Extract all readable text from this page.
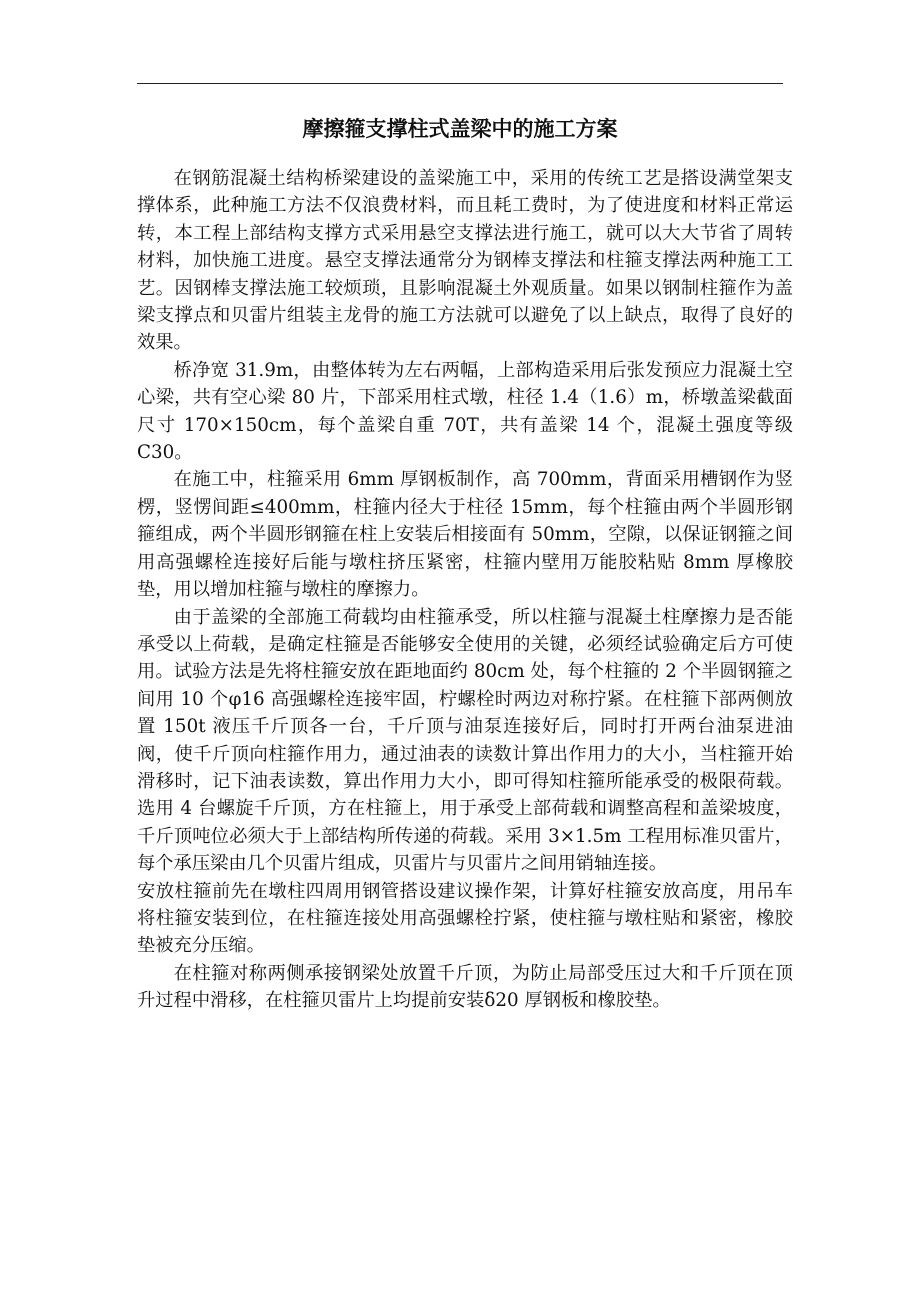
摩擦箍支撑柱式盖梁中的施工方案

在钢筋混凝土结构桥梁建设的盖梁施工中，采用的传统工艺是搭设满堂架支撑体系，此种施工方法不仅浪费材料，而且耗工费时，为了使进度和材料正常运转，本工程上部结构支撑方式采用悬空支撑法进行施工，就可以大大节省了周转材料，加快施工进度。悬空支撑法通常分为钢棒支撑法和柱箍支撑法两种施工工艺。因钢棒支撑法施工较烦琐，且影响混凝土外观质量。如果以钢制柱箍作为盖梁支撑点和贝雷片组装主龙骨的施工方法就可以避免了以上缺点，取得了良好的效果。

桥净宽 31.9m，由整体转为左右两幅，上部构造采用后张发预应力混凝土空心梁，共有空心梁 80 片，下部采用柱式墩，柱径 1.4（1.6）m，桥墩盖梁截面尺寸 170×150cm，每个盖梁自重 70T，共有盖梁 14 个，混凝土强度等级 C30。

在施工中，柱箍采用 6mm 厚钢板制作，高 700mm，背面采用槽钢作为竖楞，竖愣间距≤400mm，柱箍内径大于柱径 15mm，每个柱箍由两个半圆形钢箍组成，两个半圆形钢箍在柱上安装后相接面有 50mm，空隙，以保证钢箍之间用高强螺栓连接好后能与墩柱挤压紧密，柱箍内壁用万能胶粘贴 8mm 厚橡胶垫，用以增加柱箍与墩柱的摩擦力。

由于盖梁的全部施工荷载均由柱箍承受，所以柱箍与混凝土柱摩擦力是否能承受以上荷载，是确定柱箍是否能够安全使用的关键，必须经试验确定后方可使用。试验方法是先将柱箍安放在距地面约 80cm 处，每个柱箍的 2 个半圆钢箍之间用 10 个φ16 高强螺栓连接牢固，柠螺栓时两边对称拧紧。在柱箍下部两侧放置 150t 液压千斤顶各一台，千斤顶与油泵连接好后，同时打开两台油泵进油阀，使千斤顶向柱箍作用力，通过油表的读数计算出作用力的大小，当柱箍开始滑移时，记下油表读数，算出作用力大小，即可得知柱箍所能承受的极限荷载。选用 4 台螺旋千斤顶，方在柱箍上，用于承受上部荷载和调整高程和盖梁坡度，千斤顶吨位必须大于上部结构所传递的荷载。采用 3×1.5m 工程用标准贝雷片，每个承压梁由几个贝雷片组成，贝雷片与贝雷片之间用销轴连接。

安放柱箍前先在墩柱四周用钢管搭设建议操作架，计算好柱箍安放高度，用吊车将柱箍安装到位，在柱箍连接处用高强螺栓拧紧，使柱箍与墩柱贴和紧密，橡胶垫被充分压缩。

在柱箍对称两侧承接钢梁处放置千斤顶，为防止局部受压过大和千斤顶在顶升过程中滑移，在柱箍贝雷片上均提前安装δ20 厚钢板和橡胶垫。
